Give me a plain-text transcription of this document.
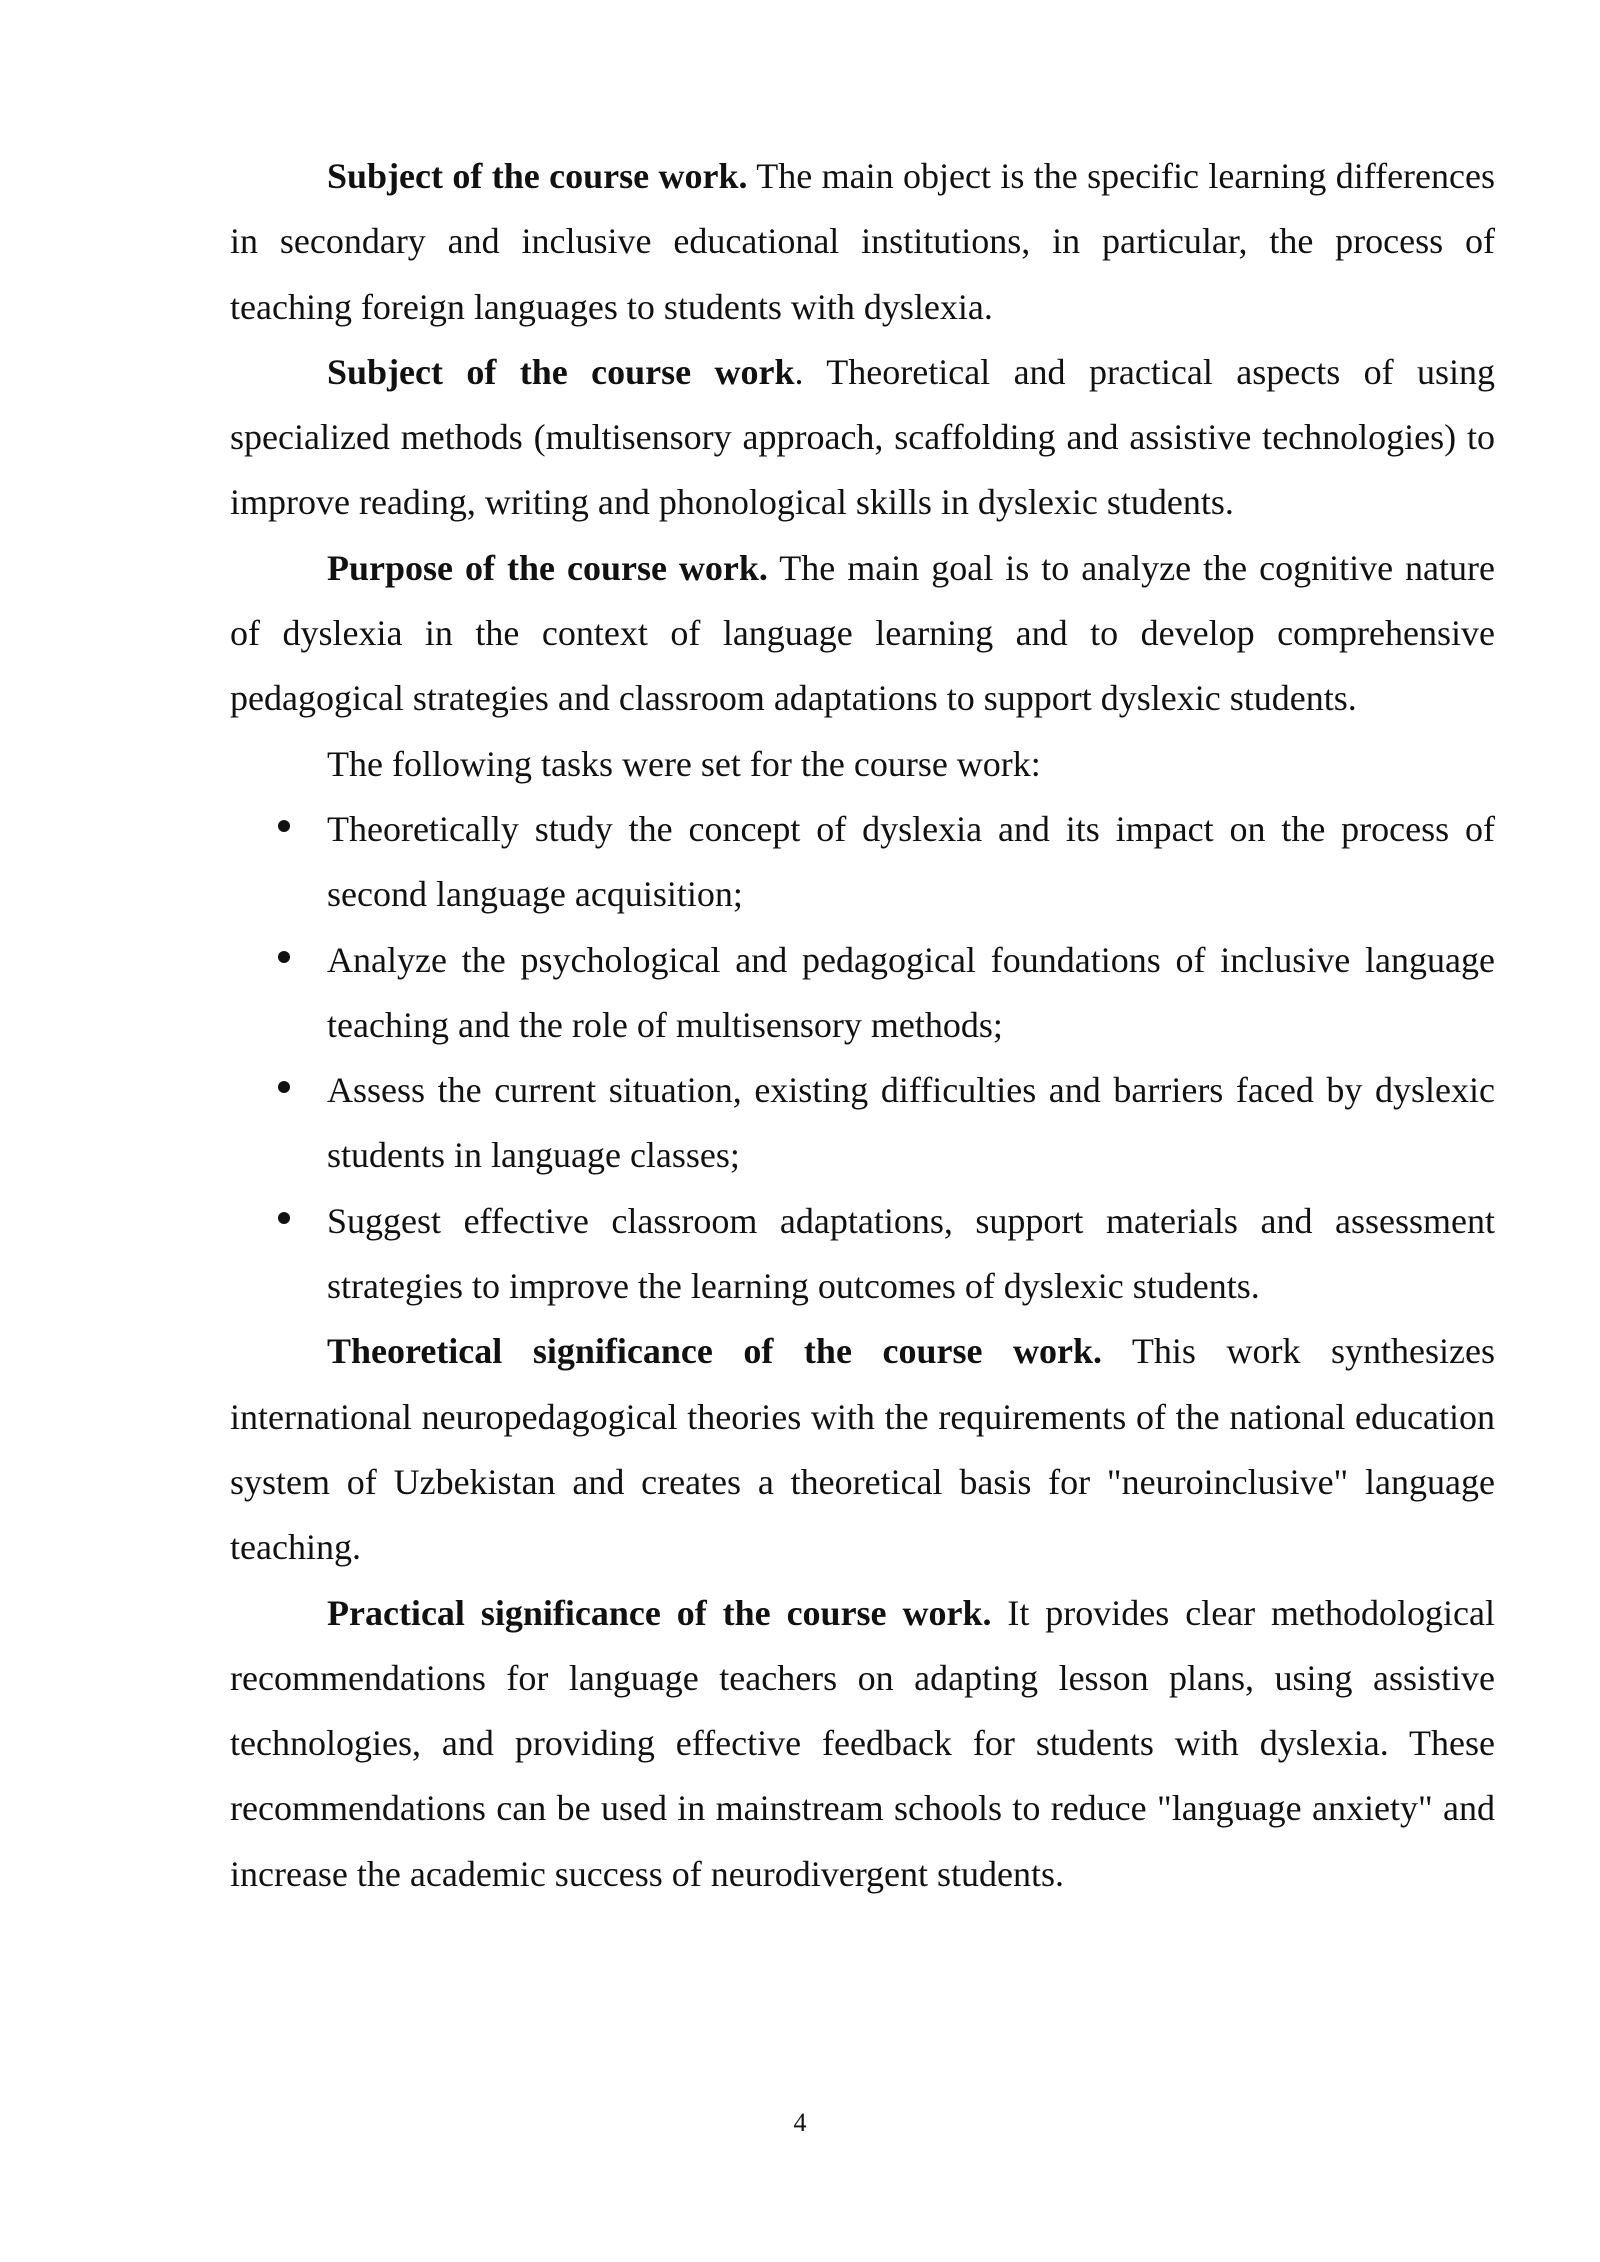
Subject of the course work. The main object is the specific learning differences in secondary and inclusive educational institutions, in particular, the process of teaching foreign languages to students with dyslexia.

Subject of the course work. Theoretical and practical aspects of using specialized methods (multisensory approach, scaffolding and assistive technologies) to improve reading, writing and phonological skills in dyslexic students.

Purpose of the course work. The main goal is to analyze the cognitive nature of dyslexia in the context of language learning and to develop comprehensive pedagogical strategies and classroom adaptations to support dyslexic students.

The following tasks were set for the course work:

Theoretically study the concept of dyslexia and its impact on the process of second language acquisition;
Analyze the psychological and pedagogical foundations of inclusive language teaching and the role of multisensory methods;
Assess the current situation, existing difficulties and barriers faced by dyslexic students in language classes;
Suggest effective classroom adaptations, support materials and assessment strategies to improve the learning outcomes of dyslexic students.

Theoretical significance of the course work. This work synthesizes international neuropedagogical theories with the requirements of the national education system of Uzbekistan and creates a theoretical basis for "neuroinclusive" language teaching.

Practical significance of the course work. It provides clear methodological recommendations for language teachers on adapting lesson plans, using assistive technologies, and providing effective feedback for students with dyslexia. These recommendations can be used in mainstream schools to reduce "language anxiety" and increase the academic success of neurodivergent students.

4
